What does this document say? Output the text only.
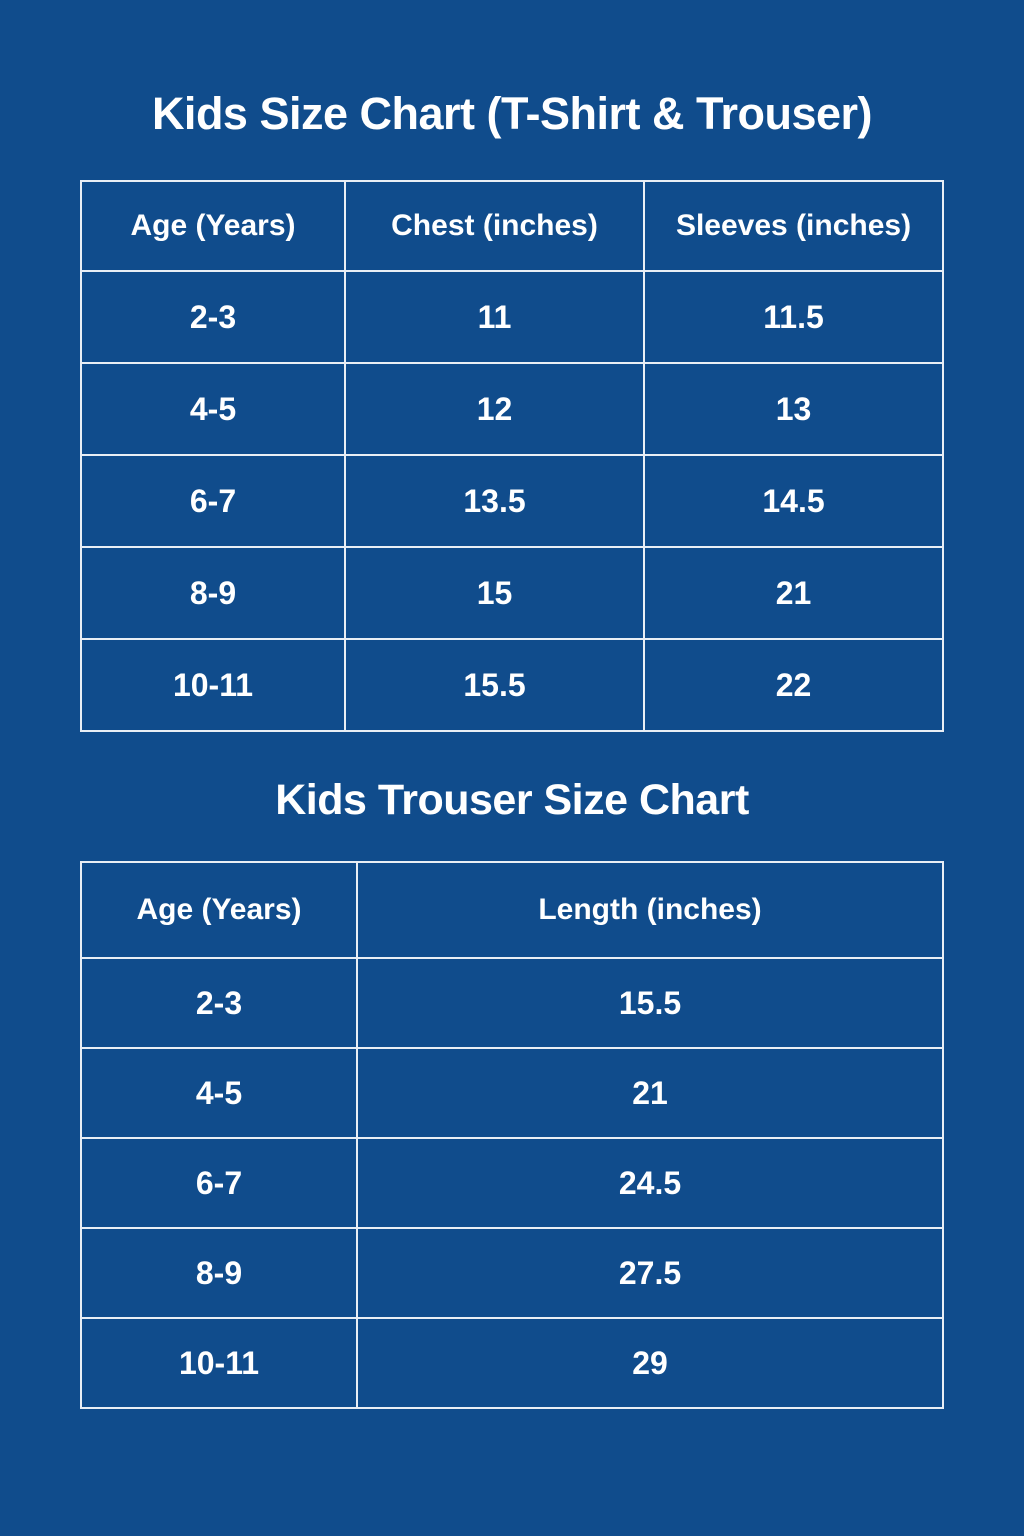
Kids Size Chart (T-Shirt & Trouser)
Age (Years)	Chest (inches)	Sleeves (inches)
2-3	11	11.5
4-5	12	13
6-7	13.5	14.5
8-9	15	21
10-11	15.5	22
Kids Trouser Size Chart
Age (Years)	Length (inches)
2-3	15.5
4-5	21
6-7	24.5
8-9	27.5
10-11	29
